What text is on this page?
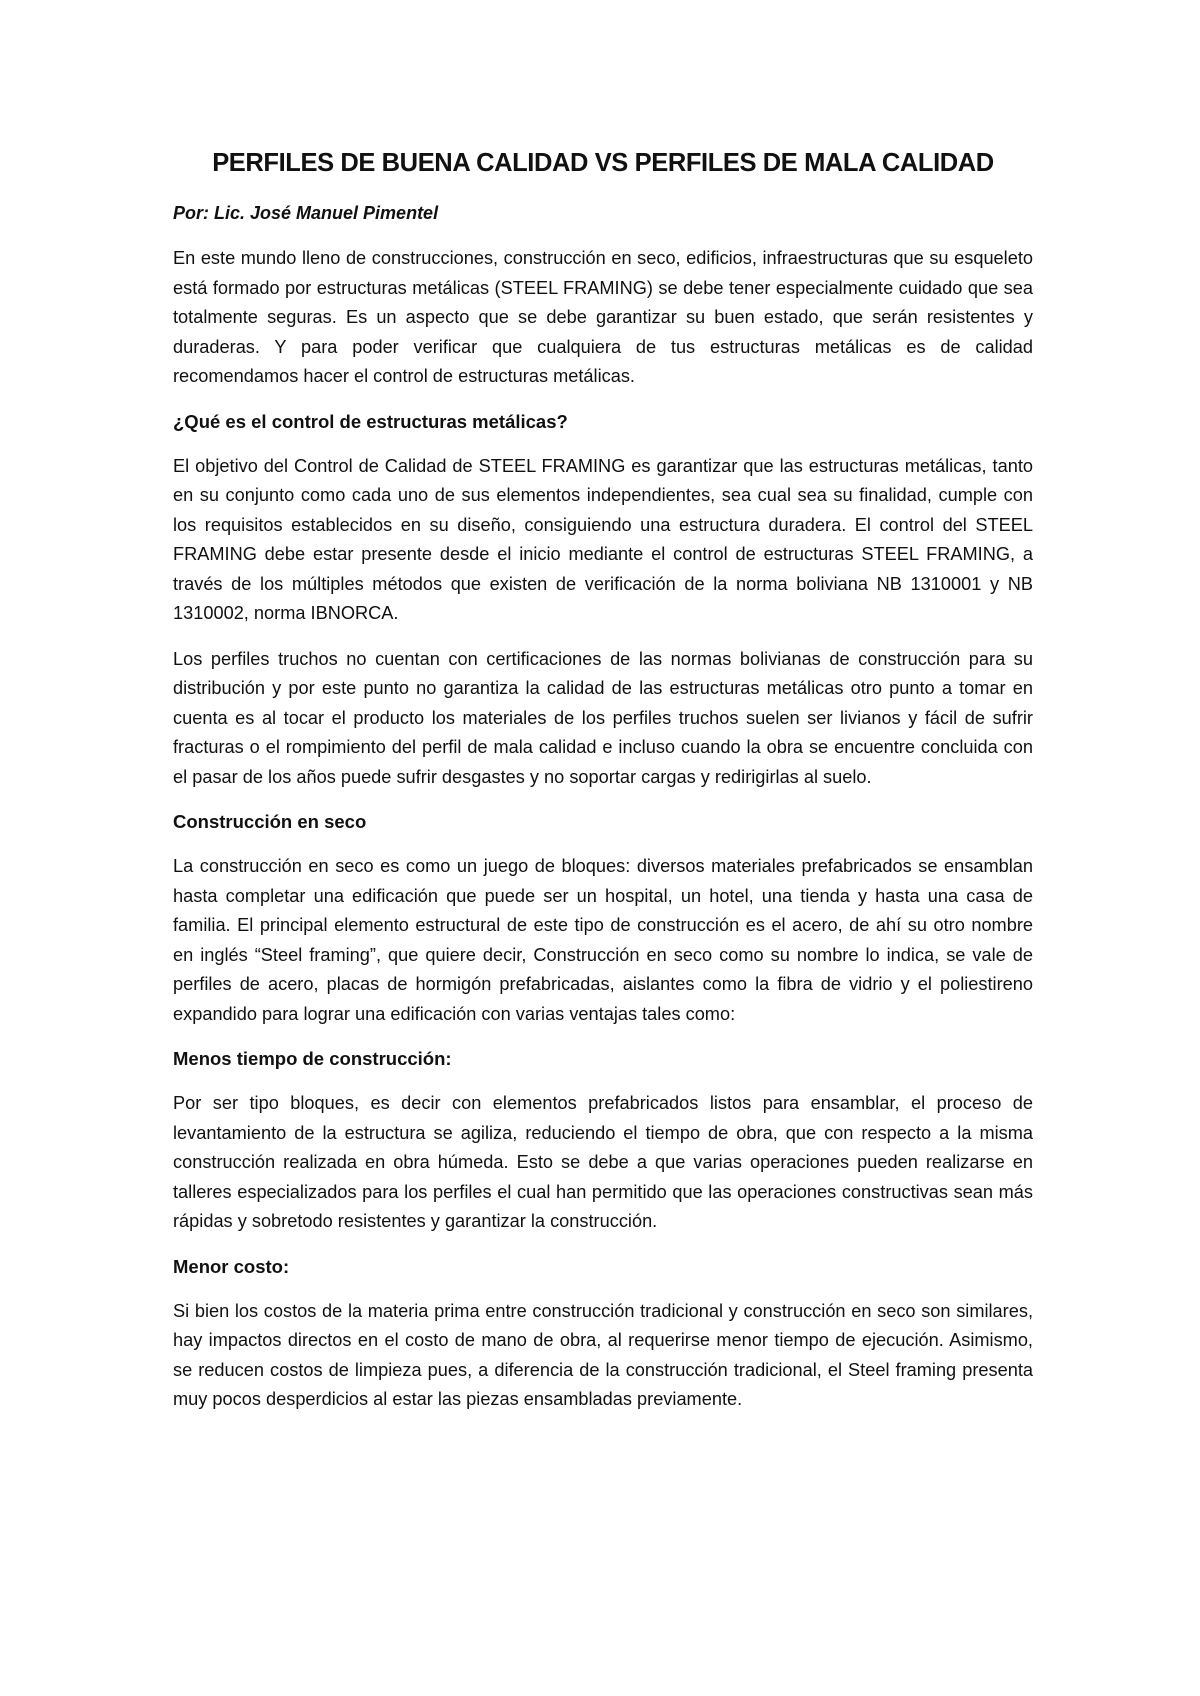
PERFILES DE BUENA CALIDAD VS PERFILES DE MALA CALIDAD

Por: Lic. José Manuel Pimentel

En este mundo lleno de construcciones, construcción en seco, edificios, infraestructuras que su esqueleto está formado por estructuras metálicas (STEEL FRAMING) se debe tener especialmente cuidado que sea totalmente seguras. Es un aspecto que se debe garantizar su buen estado, que serán resistentes y duraderas. Y para poder verificar que cualquiera de tus estructuras metálicas es de calidad recomendamos hacer el control de estructuras metálicas.

¿Qué es el control de estructuras metálicas?

El objetivo del Control de Calidad de STEEL FRAMING es garantizar que las estructuras metálicas, tanto en su conjunto como cada uno de sus elementos independientes, sea cual sea su finalidad, cumple con los requisitos establecidos en su diseño, consiguiendo una estructura duradera. El control del STEEL FRAMING debe estar presente desde el inicio mediante el control de estructuras STEEL FRAMING, a través de los múltiples métodos que existen de verificación de la norma boliviana NB 1310001 y NB 1310002, norma IBNORCA.

Los perfiles truchos no cuentan con certificaciones de las normas bolivianas de construcción para su distribución y por este punto no garantiza la calidad de las estructuras metálicas otro punto a tomar en cuenta es al tocar el producto los materiales de los perfiles truchos suelen ser livianos y fácil de sufrir fracturas o el rompimiento del perfil de mala calidad e incluso cuando la obra se encuentre concluida con el pasar de los años puede sufrir desgastes y no soportar cargas y redirigirlas al suelo.

Construcción en seco

La construcción en seco es como un juego de bloques: diversos materiales prefabricados se ensamblan hasta completar una edificación que puede ser un hospital, un hotel, una tienda y hasta una casa de familia. El principal elemento estructural de este tipo de construcción es el acero, de ahí su otro nombre en inglés “Steel framing”, que quiere decir, Construcción en seco como su nombre lo indica, se vale de perfiles de acero, placas de hormigón prefabricadas, aislantes como la fibra de vidrio y el poliestireno expandido para lograr una edificación con varias ventajas tales como:

Menos tiempo de construcción:

Por ser tipo bloques, es decir con elementos prefabricados listos para ensamblar, el proceso de levantamiento de la estructura se agiliza, reduciendo el tiempo de obra, que con respecto a la misma construcción realizada en obra húmeda. Esto se debe a que varias operaciones pueden realizarse en talleres especializados para los perfiles el cual han permitido que las operaciones constructivas sean más rápidas y sobretodo resistentes y garantizar la construcción.

Menor costo:

Si bien los costos de la materia prima entre construcción tradicional y construcción en seco son similares, hay impactos directos en el costo de mano de obra, al requerirse menor tiempo de ejecución. Asimismo, se reducen costos de limpieza pues, a diferencia de la construcción tradicional, el Steel framing presenta muy pocos desperdicios al estar las piezas ensambladas previamente.
